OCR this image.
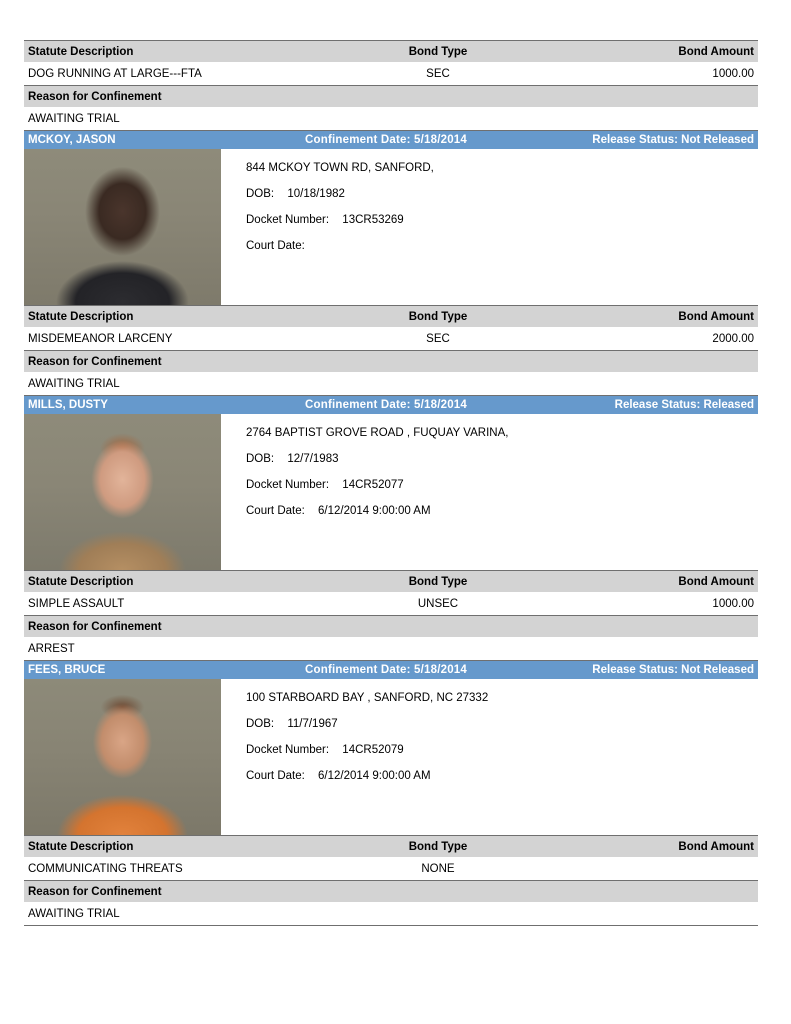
Statute Description	Bond Type	Bond Amount
DOG RUNNING AT LARGE---FTA	SEC	1000.00
Reason for Confinement
AWAITING TRIAL
MCKOY, JASON	Confinement Date: 5/18/2014	Release Status: Not Released
844 MCKOY TOWN RD, SANFORD,
DOB: 10/18/1982
Docket Number: 13CR53269
Court Date:
Statute Description	Bond Type	Bond Amount
MISDEMEANOR LARCENY	SEC	2000.00
Reason for Confinement
AWAITING TRIAL
MILLS, DUSTY	Confinement Date: 5/18/2014	Release Status: Released
2764 BAPTIST GROVE ROAD , FUQUAY VARINA,
DOB: 12/7/1983
Docket Number: 14CR52077
Court Date: 6/12/2014 9:00:00 AM
Statute Description	Bond Type	Bond Amount
SIMPLE ASSAULT	UNSEC	1000.00
Reason for Confinement
ARREST
FEES, BRUCE	Confinement Date: 5/18/2014	Release Status: Not Released
100 STARBOARD BAY , SANFORD, NC 27332
DOB: 11/7/1967
Docket Number: 14CR52079
Court Date: 6/12/2014 9:00:00 AM
Statute Description	Bond Type	Bond Amount
COMMUNICATING THREATS	NONE
Reason for Confinement
AWAITING TRIAL
